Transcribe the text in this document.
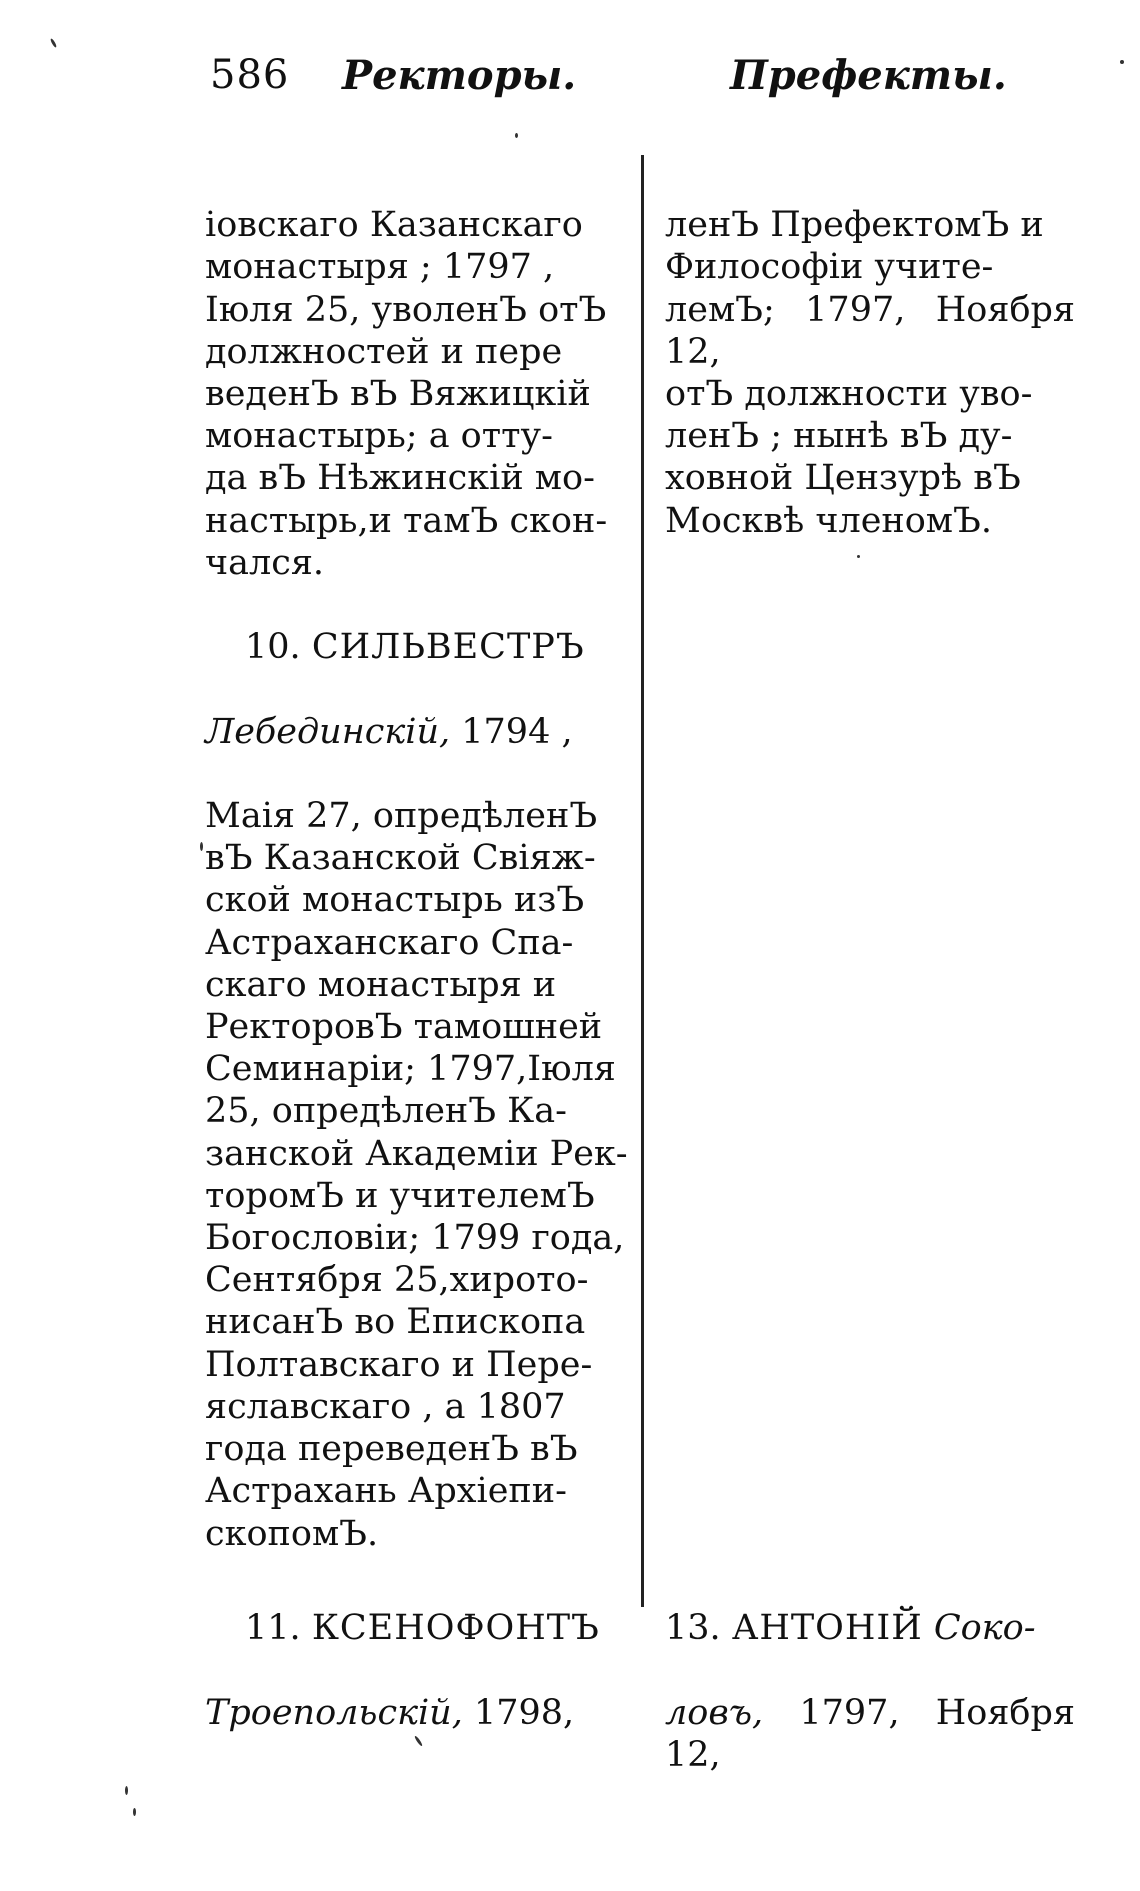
586 Ректоры.	Префекты.

іовскаго Казанскаго
монастыря ; 1797 ,
Іюля 25, уволенЪ отЪ
должностей и пере
веденЪ вЪ Вяжицкій
монастырь; а отту-
да вЪ Нѣжинскій мо-
настырь,и тамЪ скон-
чался.

10. СИЛЬВЕСТРЪ

Лебединскій, 1794 ,

Маія 27, опредѣленЪ
вЪ Казанской Свіяж-
ской монастырь изЪ
Астраханскаго Спа-
скаго монастыря и
РекторовЪ тамошней
Семинаріи; 1797,Іюля
25, опредѣленЪ Ка-
занской Академіи Рек-
торомЪ и учителемЪ
Богословіи; 1799 года,
Сентября 25,хирото-
нисанЪ во Епископа
Полтавскаго и Пере-
яславскаго , а 1807
года переведенЪ вЪ
Астрахань Архіепи-
скопомЪ.

11. КСЕНОФОНТЪ

Троепольскій, 1798,

ленЪ ПрефектомЪ и
Философіи учите-
лемЪ; 1797, Ноября 12,
отЪ должности уво-
ленЪ ; нынѣ вЪ ду-
ховной Цензурѣ вЪ
Москвѣ членомЪ.

13. АНТОНІЙ Соко-

ловъ, 1797, Ноября 12,
